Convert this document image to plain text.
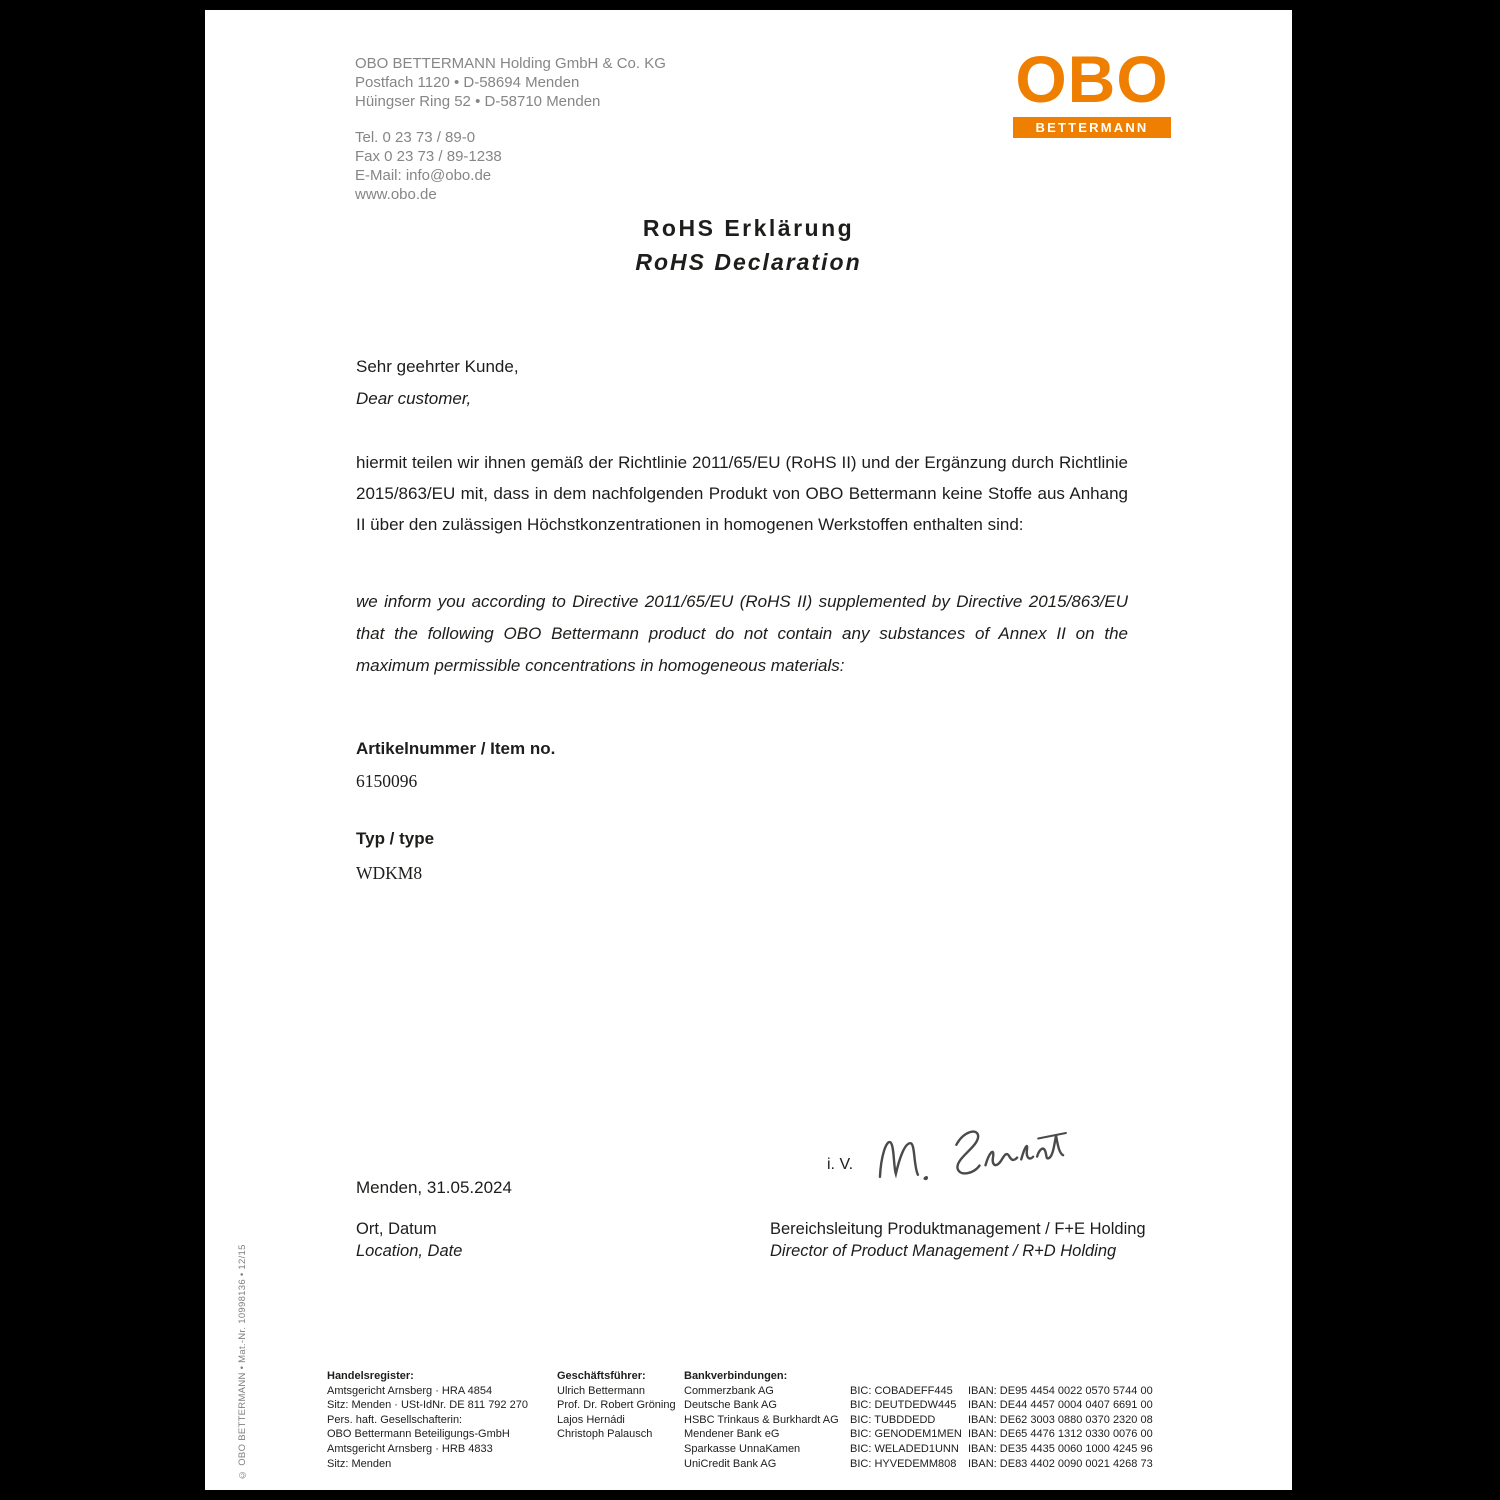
OBO BETTERMANN Holding GmbH & Co. KG
Postfach 1120 • D-58694 Menden
Hüingser Ring 52 • D-58710 Menden
Tel. 0 23 73 / 89-0
Fax 0 23 73 / 89-1238
E-Mail: info@obo.de
www.obo.de
OBO
BETTERMANN
RoHS Erklärung
RoHS Declaration
Sehr geehrter Kunde,
Dear customer,
hiermit teilen wir ihnen gemäß der Richtlinie 2011/65/EU (RoHS II) und der Ergänzung durch Richtlinie 2015/863/EU mit, dass in dem nachfolgenden Produkt von OBO Bettermann keine Stoffe aus Anhang II über den zulässigen Höchstkonzentrationen in homogenen Werkstoffen enthalten sind:
we inform you according to Directive 2011/65/EU (RoHS II) supplemented by Directive 2015/863/EU that the following OBO Bettermann product do not contain any substances of Annex II on the maximum permissible concentrations in homogeneous materials:
Artikelnummer / Item no.
6150096
Typ / type
WDKM8
i. V.
Menden, 31.05.2024
Ort, Datum
Location, Date
Bereichsleitung Produktmanagement / F+E Holding
Director of Product Management / R+D Holding
Handelsregister:
Amtsgericht Arnsberg · HRA 4854
Sitz: Menden · USt-IdNr. DE 811 792 270
Pers. haft. Gesellschafterin:
OBO Bettermann Beteiligungs-GmbH
Amtsgericht Arnsberg · HRB 4833
Sitz: Menden
Geschäftsführer:
Ulrich Bettermann
Prof. Dr. Robert Gröning
Lajos Hernádi
Christoph Palausch
Bankverbindungen:
Commerzbank AG
Deutsche Bank AG
HSBC Trinkaus & Burkhardt AG
Mendener Bank eG
Sparkasse UnnaKamen
UniCredit Bank AG
BIC: COBADEFF445
BIC: DEUTDEDW445
BIC: TUBDDEDD
BIC: GENODEM1MEN
BIC: WELADED1UNN
BIC: HYVEDEMM808
IBAN: DE95 4454 0022 0570 5744 00
IBAN: DE44 4457 0004 0407 6691 00
IBAN: DE62 3003 0880 0370 2320 08
IBAN: DE65 4476 1312 0330 0076 00
IBAN: DE35 4435 0060 1000 4245 96
IBAN: DE83 4402 0090 0021 4268 73
© OBO BETTERMANN • Mat.-Nr. 10998136 • 12/15
